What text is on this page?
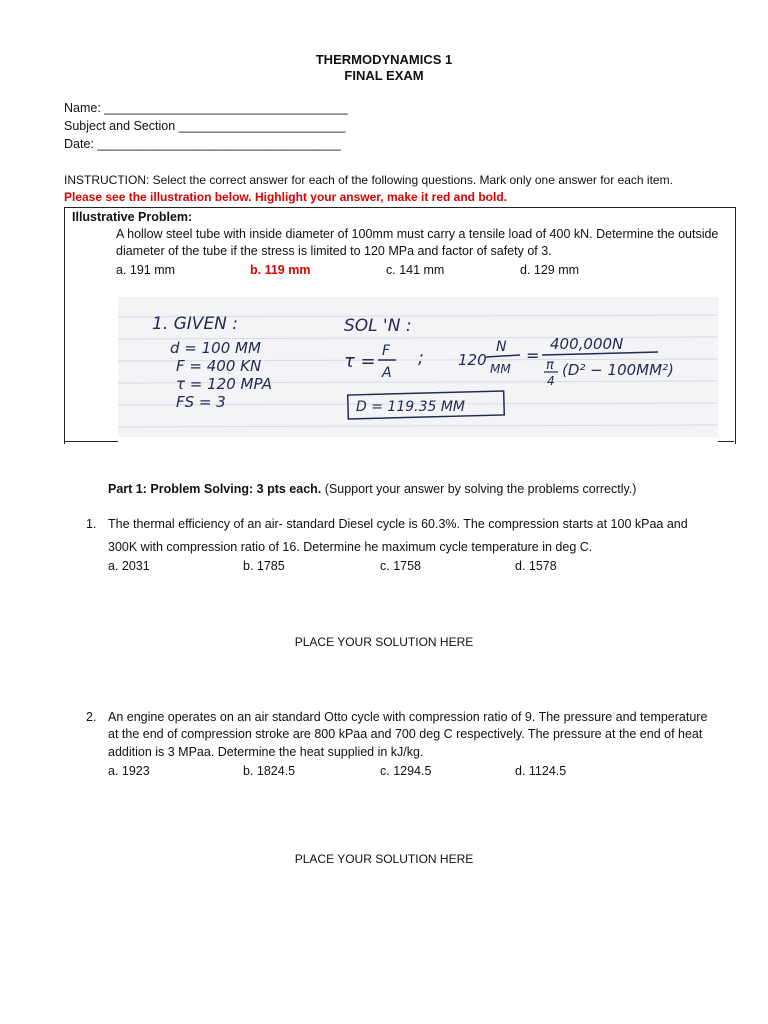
THERMODYNAMICS 1
FINAL EXAM
Name: ___________________________________
Subject and Section ________________________
Date: ___________________________________
INSTRUCTION: Select the correct answer for each of the following questions. Mark only one answer for each item.
Please see the illustration below. Highlight your answer, make it red and bold.
Illustrative Problem:
A hollow steel tube with inside diameter of 100mm must carry a tensile load of 400 kN. Determine the outside
diameter of the tube if the stress is limited to 120 MPa and factor of safety of 3.
a. 191 mm	b. 119 mm	c. 141 mm	d. 129 mm
1. GIVEN :
d = 100 MM
F = 400 KN
τ = 120 MPA
FS = 3
SOL 'N :
τ = F
A
; 120
N
MM
=
400,000N
π
4
(D² − 100MM²)
D = 119.35 MM
Part 1: Problem Solving: 3 pts each. (Support your answer by solving the problems correctly.)
1. The thermal efficiency of an air- standard Diesel cycle is 60.3%. The compression starts at 100 kPaa and
300K with compression ratio of 16. Determine he maximum cycle temperature in deg C.
a. 2031	b. 1785	c. 1758	d. 1578
PLACE YOUR SOLUTION HERE
2. An engine operates on an air standard Otto cycle with compression ratio of 9. The pressure and temperature
at the end of compression stroke are 800 kPaa and 700 deg C respectively. The pressure at the end of heat
addition is 3 MPaa. Determine the heat supplied in kJ/kg.
a. 1923	b. 1824.5	c. 1294.5	d. 1124.5
PLACE YOUR SOLUTION HERE
